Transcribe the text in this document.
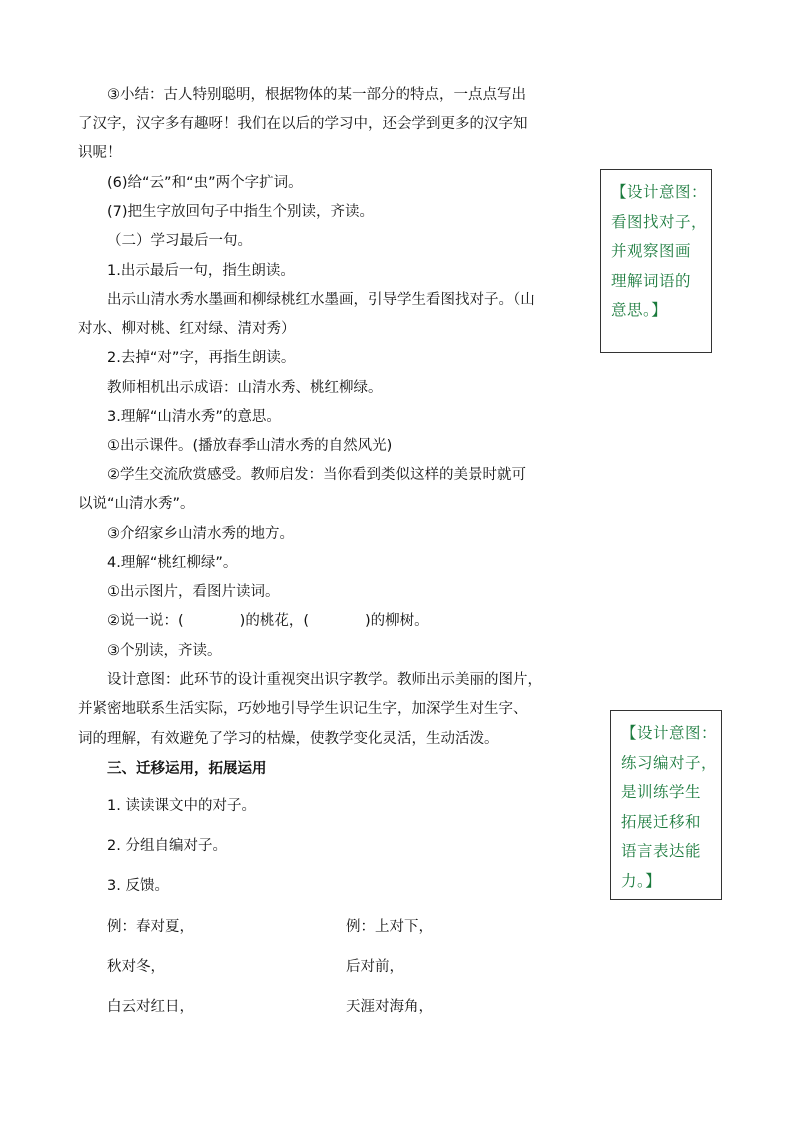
③小结：古人特别聪明，根据物体的某一部分的特点，一点点写出
了汉字，汉字多有趣呀！我们在以后的学习中，还会学到更多的汉字知
识呢！
(6)给“云”和“虫”两个字扩词。
(7)把生字放回句子中指生个别读，齐读。
（二）学习最后一句。
1.出示最后一句，指生朗读。
出示山清水秀水墨画和柳绿桃红水墨画，引导学生看图找对子。（山
对水、柳对桃、红对绿、清对秀）
2.去掉“对”字，再指生朗读。
教师相机出示成语：山清水秀、桃红柳绿。
3.理解“山清水秀”的意思。
①出示课件。(播放春季山清水秀的自然风光)
②学生交流欣赏感受。教师启发：当你看到类似这样的美景时就可
以说“山清水秀”。
③介绍家乡山清水秀的地方。
4.理解“桃红柳绿”。
①出示图片，看图片读词。
②说一说：(	)的桃花，(	)的柳树。
③个别读，齐读。
设计意图：此环节的设计重视突出识字教学。教师出示美丽的图片，
并紧密地联系生活实际，巧妙地引导学生识记生字，加深学生对生字、
词的理解，有效避免了学习的枯燥，使教学变化灵活，生动活泼。
三、迁移运用，拓展运用
1. 读读课文中的对子。
2. 分组自编对子。
3. 反馈。
例：春对夏，	例：上对下，
秋对冬，	后对前，
白云对红日，	天涯对海角，
【设计意图：
看图找对子，
并观察图画
理解词语的
意思。】
【设计意图：
练习编对子，
是训练学生
拓展迁移和
语言表达能
力。】
